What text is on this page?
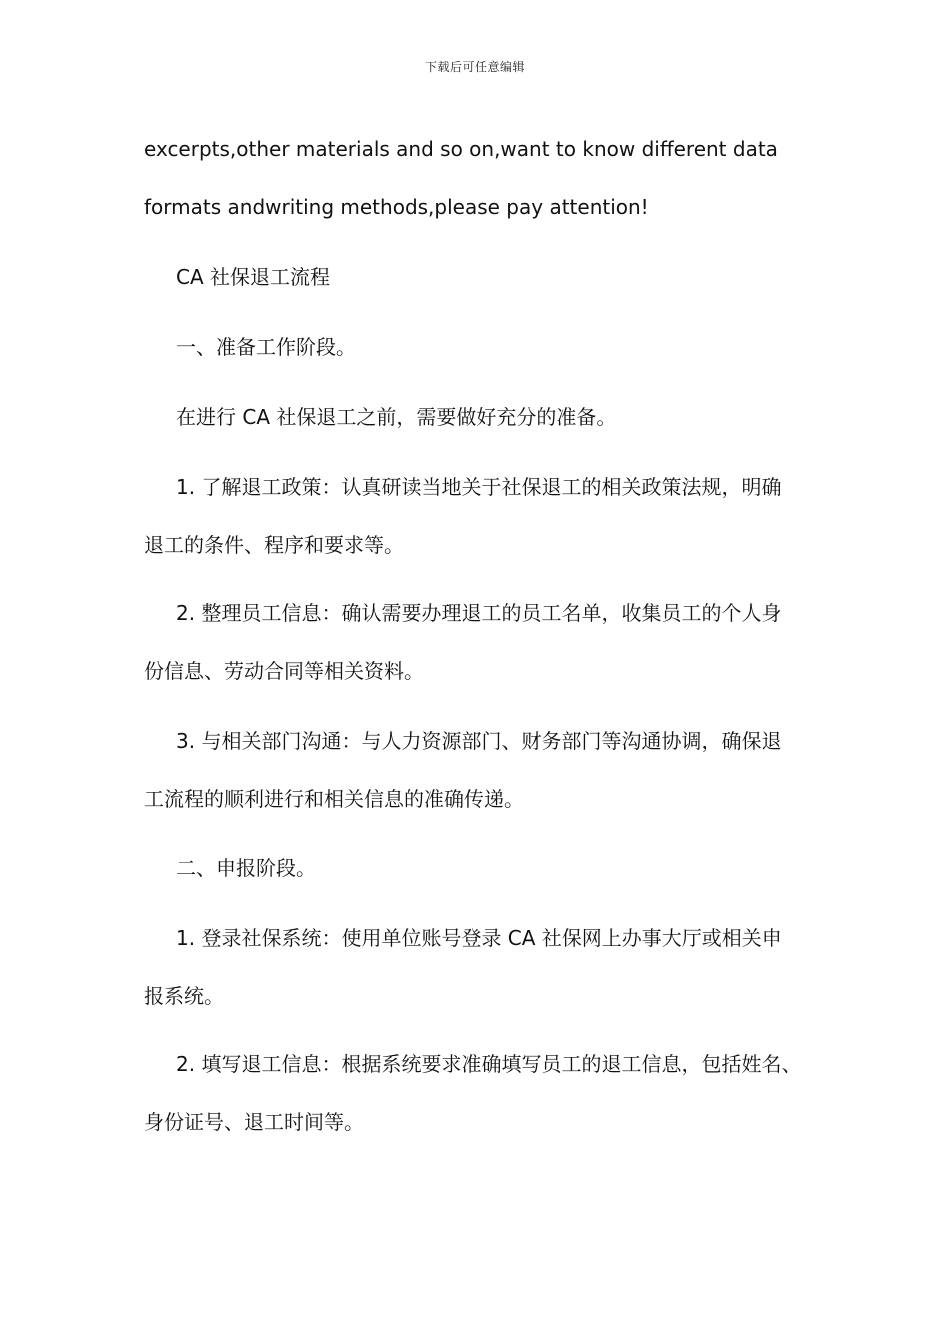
下载后可任意编辑
excerpts,other materials and so on,want to know different data
formats andwriting methods,please pay attention!
CA 社保退工流程
一、准备工作阶段。
在进行 CA 社保退工之前，需要做好充分的准备。
1. 了解退工政策：认真研读当地关于社保退工的相关政策法规，明确
退工的条件、程序和要求等。
2. 整理员工信息：确认需要办理退工的员工名单，收集员工的个人身
份信息、劳动合同等相关资料。
3. 与相关部门沟通：与人力资源部门、财务部门等沟通协调，确保退
工流程的顺利进行和相关信息的准确传递。
二、申报阶段。
1. 登录社保系统：使用单位账号登录 CA 社保网上办事大厅或相关申
报系统。
2. 填写退工信息：根据系统要求准确填写员工的退工信息，包括姓名、
身份证号、退工时间等。
